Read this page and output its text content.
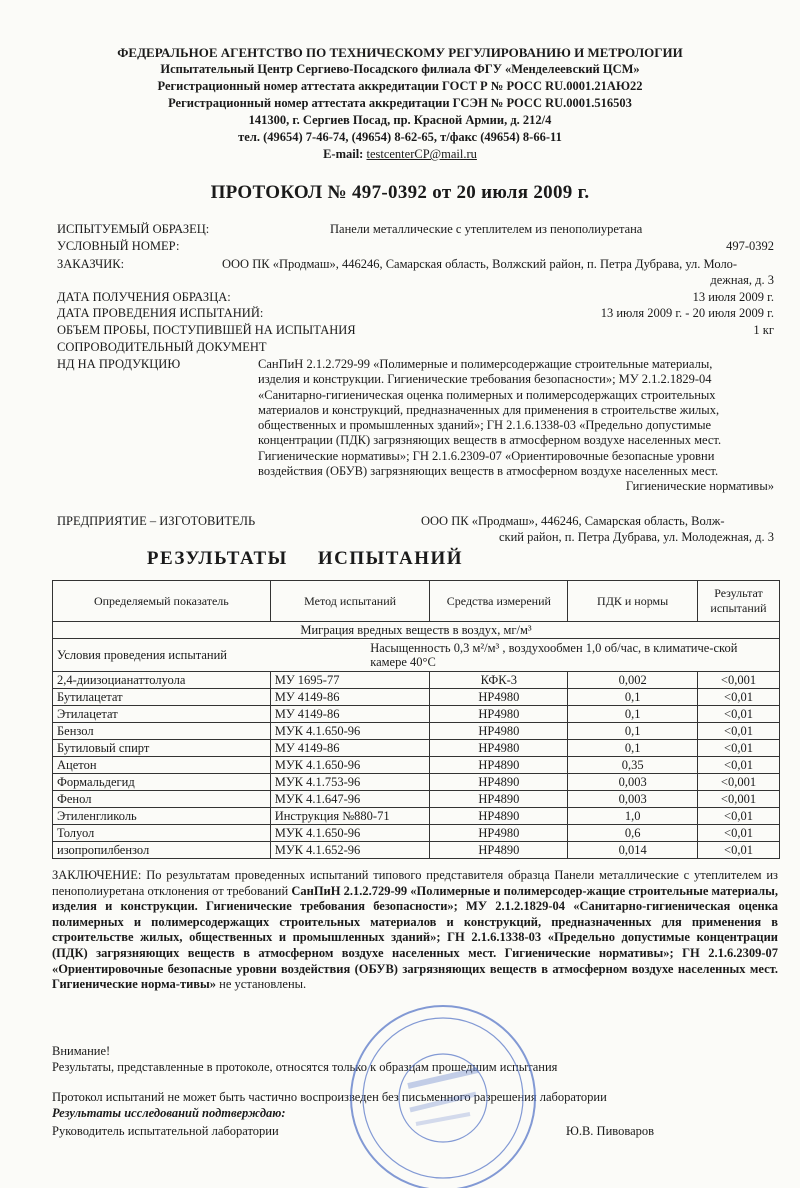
ФЕДЕРАЛЬНОЕ АГЕНТСТВО ПО ТЕХНИЧЕСКОМУ РЕГУЛИРОВАНИЮ И МЕТРОЛОГИИ
Испытательный Центр Сергиево-Посадского филиала ФГУ «Менделеевский ЦСМ»
Регистрационный номер аттестата аккредитации ГОСТ Р № РОСС RU.0001.21АЮ22
Регистрационный номер аттестата аккредитации ГСЭН № РОСС RU.0001.516503
141300, г. Сергиев Посад, пр. Красной Армии, д. 212/4
тел. (49654) 7-46-74, (49654) 8-62-65, т/факс (49654) 8-66-11
E-mail: testcenterCP@mail.ru
ПРОТОКОЛ № 497-0392 от 20 июля 2009 г.
ИСПЫТУЕМЫЙ ОБРАЗЕЦ:	Панели металлические с утеплителем из пенополиуретана
УСЛОВНЫЙ НОМЕР:	497-0392
ЗАКАЗЧИК:	ООО ПК «Продмаш», 446246, Самарская область, Волжский район, п. Петра Дубрава, ул. Моло-
дежная, д. 3
ДАТА ПОЛУЧЕНИЯ ОБРАЗЦА:	13 июля 2009 г.
ДАТА ПРОВЕДЕНИЯ ИСПЫТАНИЙ:	13 июля 2009 г. - 20 июля 2009 г.
ОБЪЕМ ПРОБЫ, ПОСТУПИВШЕЙ НА ИСПЫТАНИЯ	1 кг
СОПРОВОДИТЕЛЬНЫЙ ДОКУМЕНТ
НД НА ПРОДУКЦИЮ	СанПиН 2.1.2.729-99 «Полимерные и полимерсодержащие строительные материалы,
изделия и конструкции. Гигиенические требования безопасности»; МУ 2.1.2.1829-04
«Санитарно-гигиеническая оценка полимерных и полимерсодержащих строительных
материалов и конструкций, предназначенных для применения в строительстве жилых,
общественных и промышленных зданий»; ГН 2.1.6.1338-03 «Предельно допустимые
концентрации (ПДК) загрязняющих веществ в атмосферном воздухе населенных мест.
Гигиенические нормативы»; ГН 2.1.6.2309-07 «Ориентировочные безопасные уровни
воздействия (ОБУВ) загрязняющих веществ в атмосферном воздухе населенных мест.
Гигиенические нормативы»
ПРЕДПРИЯТИЕ – ИЗГОТОВИТЕЛЬ	ООО ПК «Продмаш», 446246, Самарская область, Волж-
ский район, п. Петра Дубрава, ул. Молодежная, д. 3
РЕЗУЛЬТАТЫ ИСПЫТАНИЙ
Определяемый показатель	Метод испытаний	Средства измерений	ПДК и нормы	Результат испытаний
Миграция вредных веществ в воздух, мг/м³				
Условия проведения испытаний	Насыщенность 0,3 м²/м³ , воздухообмен 1,0 об/час, в климатиче-ской камере 40°С			
2,4-диизоцианаттолуола	МУ 1695-77	КФК-3	0,002	<0,001
Бутилацетат	МУ 4149-86	НР4980	0,1	<0,01
Этилацетат	МУ 4149-86	НР4980	0,1	<0,01
Бензол	МУК 4.1.650-96	НР4980	0,1	<0,01
Бутиловый спирт	МУ 4149-86	НР4980	0,1	<0,01
Ацетон	МУК 4.1.650-96	НР4890	0,35	<0,01
Формальдегид	МУК 4.1.753-96	НР4890	0,003	<0,001
Фенол	МУК 4.1.647-96	НР4890	0,003	<0,001
Этиленгликоль	Инструкция №880-71	НР4890	1,0	<0,01
Толуол	МУК 4.1.650-96	НР4980	0,6	<0,01
изопропилбензол	МУК 4.1.652-96	НР4890	0,014	<0,01
ЗАКЛЮЧЕНИЕ: По результатам проведенных испытаний типового представителя образца Панели металлические с утеплителем из пенополиуретана отклонения от требований СанПиН 2.1.2.729-99 «Полимерные и полимерсодер-жащие строительные материалы, изделия и конструкции. Гигиенические требования безопасности»; МУ 2.1.2.1829-04 «Санитарно-гигиеническая оценка полимерных и полимерсодержащих строительных материалов и конструкций, предназначенных для применения в строительстве жилых, общественных и промышленных зданий»; ГН 2.1.6.1338-03 «Предельно допустимые концентрации (ПДК) загрязняющих веществ в атмосферном воздухе населенных мест. Гигиенические нормативы»; ГН 2.1.6.2309-07 «Ориентировочные безопасные уровни воздействия (ОБУВ) загрязняющих веществ в атмосферном воздухе населенных мест. Гигиенические норма-тивы» не установлены.
Внимание!
Результаты, представленные в протоколе, относятся только к образцам прошедшим испытания
Протокол испытаний не может быть частично воспроизведен без письменного разрешения лаборатории
Результаты исследований подтверждаю:
Руководитель испытательной лаборатории	Ю.В. Пивоваров
